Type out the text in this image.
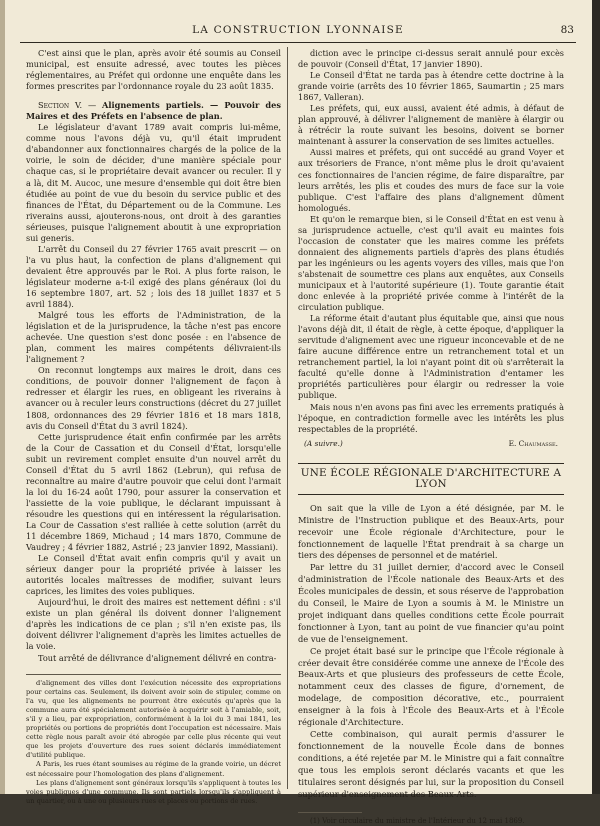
LA CONSTRUCTION LYONNAISE	83

C'est ainsi que le plan, après avoir été soumis au Conseil municipal, est ensuite adressé, avec toutes les pièces réglementaires, au Préfet qui ordonne une enquête dans les formes prescrites par l'ordonnance royale du 23 août 1835.

Section V. — Alignements partiels. — Pouvoir des Maires et des Préfets en l'absence de plan.

Le législateur d'avant 1789 avait compris lui-même, comme nous l'avons déjà vu, qu'il était imprudent d'abandonner aux fonctionnaires chargés de la police de la voirie, le soin de décider, d'une manière spéciale pour chaque cas, si le propriétaire devait avancer ou reculer. Il y a là, dit M. Aucoc, une mesure d'ensemble qui doit être bien étudiée au point de vue du besoin du service public et des finances de l'État, du Département ou de la Commune. Les riverains aussi, ajouterons-nous, ont droit à des garanties sérieuses, puisque l'alignement aboutit à une expropriation sui generis.

L'arrêt du Conseil du 27 février 1765 avait prescrit — on l'a vu plus haut, la confection de plans d'alignement qui devaient être approuvés par le Roi. A plus forte raison, le législateur moderne a-t-il exigé des plans généraux (loi du 16 septembre 1807, art. 52 ; lois des 18 juillet 1837 et 5 avril 1884).

Malgré tous les efforts de l'Administration, de la législation et de la jurisprudence, la tâche n'est pas encore achevée. Une question s'est donc posée : en l'absence de plan, comment les maires compétents délivraient-ils l'alignement ?

On reconnut longtemps aux maires le droit, dans ces conditions, de pouvoir donner l'alignement de façon à redresser et élargir les rues, en obligeant les riverains à avancer ou à reculer leurs constructions (décret du 27 juillet 1808, ordonnances des 29 février 1816 et 18 mars 1818, avis du Conseil d'État du 3 avril 1824).

Cette jurisprudence était enfin confirmée par les arrêts de la Cour de Cassation et du Conseil d'État, lorsqu'elle subit un revirement complet ensuite d'un nouvel arrêt du Conseil d'État du 5 avril 1862 (Lebrun), qui refusa de reconnaître au maire d'autre pouvoir que celui dont l'armait la loi du 16-24 août 1790, pour assurer la conservation et l'assiette de la voie publique, le déclarant impuissant à résoudre les questions qui en intéressent la régularisation. La Cour de Cassation s'est ralliée à cette solution (arrêt du 11 décembre 1869, Michaud ; 14 mars 1870, Commune de Vaudrey ; 4 février 1882, Astrié ; 23 janvier 1892, Massiani).

Le Conseil d'État avait enfin compris qu'il y avait un sérieux danger pour la propriété privée à laisser les autorités locales maîtresses de modifier, suivant leurs caprices, les limites des voies publiques.

Aujourd'hui, le droit des maires est nettement défini : s'il existe un plan général ils doivent donner l'alignement d'après les indications de ce plan ; s'il n'en existe pas, ils doivent délivrer l'alignement d'après les limites actuelles de la voie.

Tout arrêté de délivrance d'alignement délivré en contra-

d'alignement des villes dont l'exécution nécessite des expropriations pour certains cas. Seulement, ils doivent avoir soin de stipuler, comme on l'a vu, que les alignements ne pourront être exécutés qu'après que la commune aura été spécialement autorisée à acquérir soit à l'amiable, soit, s'il y a lieu, par expropriation, conformément à la loi du 3 mai 1841, les propriétés ou portions de propriétés dont l'occupation est nécessaire. Mais cette règle nous paraît avoir été abrogée par celle plus récente qui veut que les projets d'ouverture des rues soient déclarés immédiatement d'utilité publique.

A Paris, les rues étant soumises au régime de la grande voirie, un décret est nécessaire pour l'homologation des plans d'alignement.

Les plans d'alignement sont généraux lorsqu'ils s'appliquent à toutes les voies publiques d'une commune. Ils sont partiels lorsqu'ils s'appliquent à un quartier, ou à une ou plusieurs rues et places ou portions de rues.

diction avec le principe ci-dessus serait annulé pour excès de pouvoir (Conseil d'État, 17 janvier 1890).

Le Conseil d'État ne tarda pas à étendre cette doctrine à la grande voirie (arrêts des 10 février 1865, Saumartin ; 25 mars 1867, Valleran).

Les préfets, qui, eux aussi, avaient été admis, à défaut de plan approuvé, à délivrer l'alignement de manière à élargir ou à rétrécir la route suivant les besoins, doivent se borner maintenant à assurer la conservation de ses limites actuelles.

Aussi maires et préfets, qui ont succédé au grand Voyer et aux trésoriers de France, n'ont même plus le droit qu'avaient ces fonctionnaires de l'ancien régime, de faire disparaître, par leurs arrêtés, les plis et coudes des murs de face sur la voie publique. C'est l'affaire des plans d'alignement dûment homologués.

Et qu'on le remarque bien, si le Conseil d'État en est venu à sa jurisprudence actuelle, c'est qu'il avait eu maintes fois l'occasion de constater que les maires comme les préfets donnaient des alignements partiels d'après des plans étudiés par les ingénieurs ou les agents voyers des villes, mais que l'on s'abstenait de soumettre ces plans aux enquêtes, aux Conseils municipaux et à l'autorité supérieure (1). Toute garantie était donc enlevée à la propriété privée comme à l'intérêt de la circulation publique.

La réforme était d'autant plus équitable que, ainsi que nous l'avons déjà dit, il était de règle, à cette époque, d'appliquer la servitude d'alignement avec une rigueur inconcevable et de ne faire aucune différence entre un retranchement total et un retranchement partiel, la loi n'ayant point dit où s'arrêterait la faculté qu'elle donne à l'Administration d'entamer les propriétés particulières pour élargir ou redresser la voie publique.

Mais nous n'en avons pas fini avec les errements pratiqués à l'époque, en contradiction formelle avec les intérêts les plus respectables de la propriété.

(A suivre.)	E. Chaumasse.
UNE ÉCOLE RÉGIONALE D'ARCHITECTURE A LYON

On sait que la ville de Lyon a été désignée, par M. le Ministre de l'Instruction publique et des Beaux-Arts, pour recevoir une École régionale d'Architecture, pour le fonctionnement de laquelle l'État prendrait à sa charge un tiers des dépenses de personnel et de matériel.

Par lettre du 31 juillet dernier, d'accord avec le Conseil d'administration de l'École nationale des Beaux-Arts et des Écoles municipales de dessin, et sous réserve de l'approbation du Conseil, le Maire de Lyon a soumis à M. le Ministre un projet indiquant dans quelles conditions cette École pourrait fonctionner à Lyon, tant au point de vue financier qu'au point de vue de l'enseignement.

Ce projet était basé sur le principe que l'École régionale à créer devait être considérée comme une annexe de l'École des Beaux-Arts et que plusieurs des professeurs de cette École, notamment ceux des classes de figure, d'ornement, de modelage, de composition décorative, etc., pourraient enseigner à la fois à l'École des Beaux-Arts et à l'École régionale d'Architecture.

Cette combinaison, qui aurait permis d'assurer le fonctionnement de la nouvelle École dans de bonnes conditions, a été rejetée par M. le Ministre qui a fait connaître que tous les emplois seront déclarés vacants et que les titulaires seront désignés par lui, sur la proposition du Conseil supérieur d'enseignement des Beaux-Arts.

(1) Voir circulaire du ministre de l'Intérieur du 12 mai 1869.
